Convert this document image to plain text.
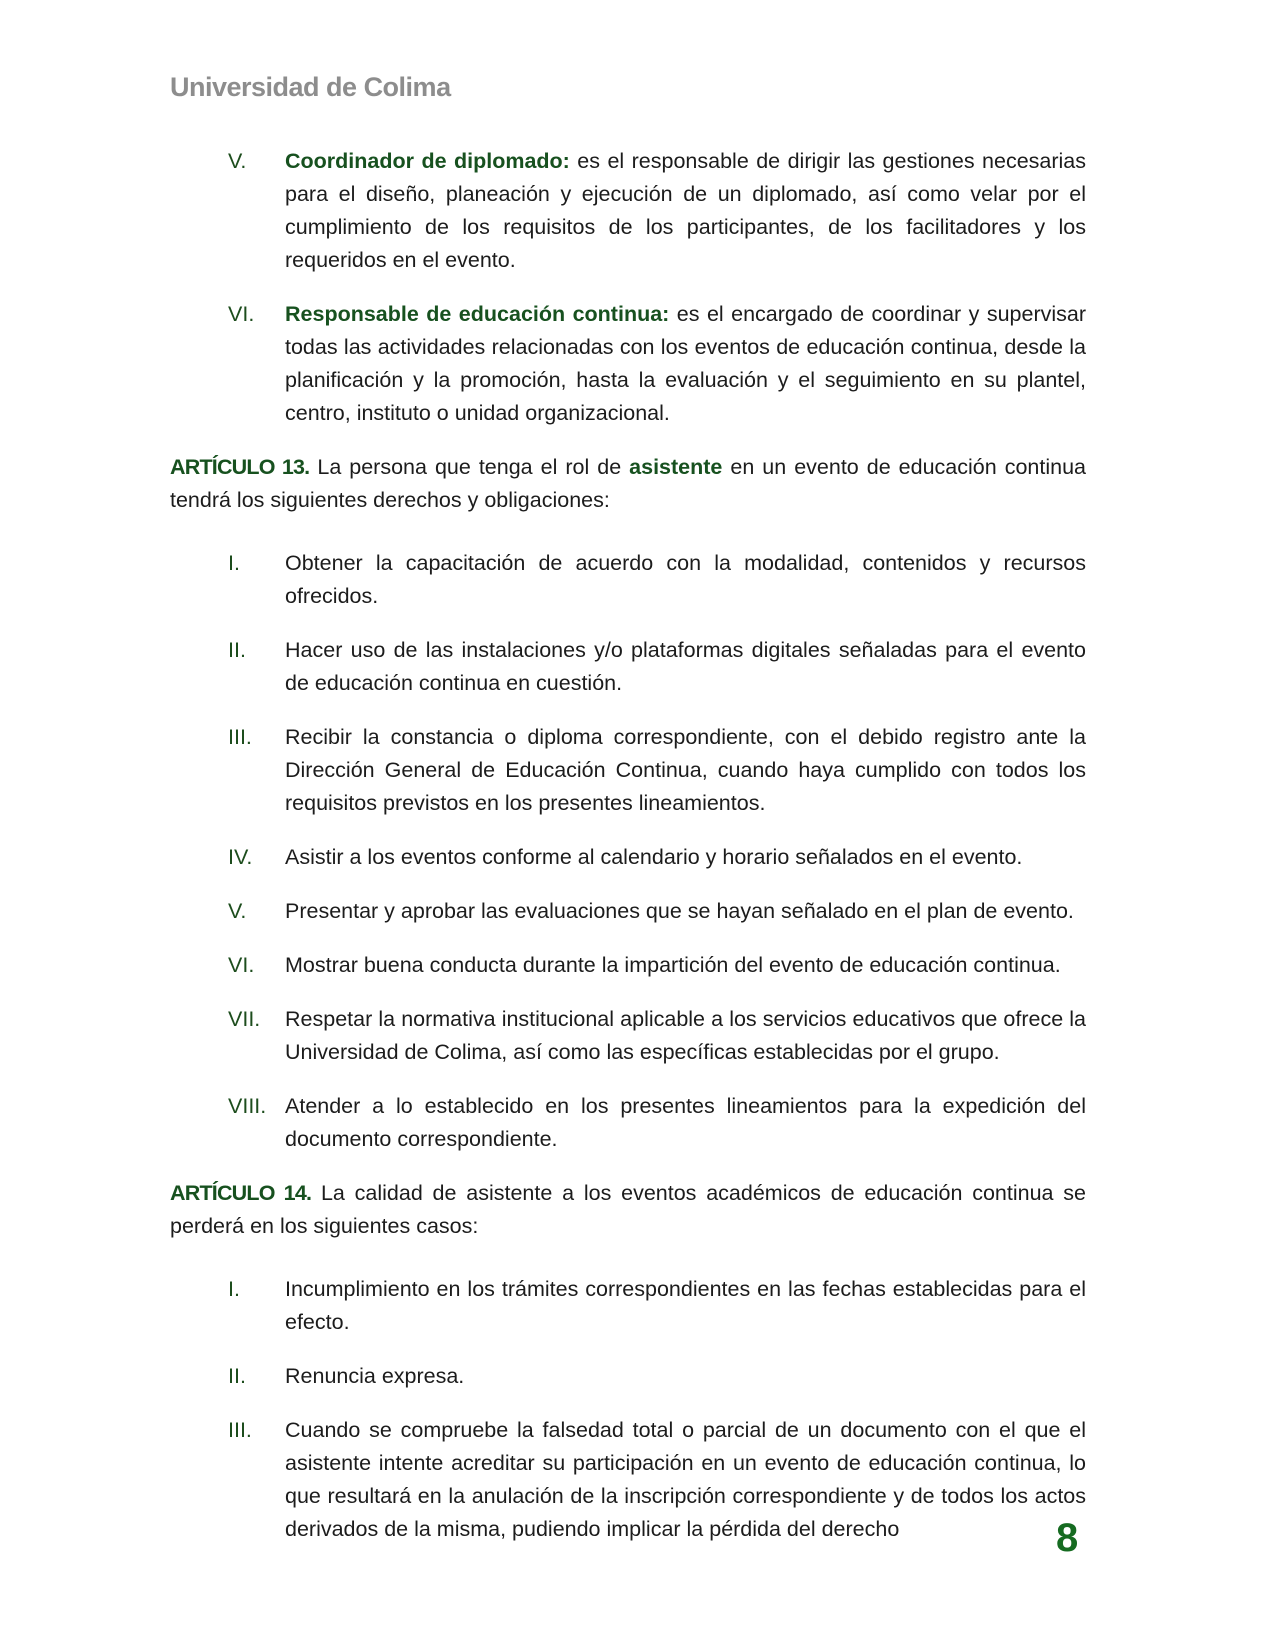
Universidad de Colima
V.	Coordinador de diplomado: es el responsable de dirigir las gestiones necesarias para el diseño, planeación y ejecución de un diplomado, así como velar por el cumplimiento de los requisitos de los participantes, de los facilitadores y los requeridos en el evento.
VI.	Responsable de educación continua: es el encargado de coordinar y supervisar todas las actividades relacionadas con los eventos de educación continua, desde la planificación y la promoción, hasta la evaluación y el seguimiento en su plantel, centro, instituto o unidad organizacional.

ARTÍCULO 13. La persona que tenga el rol de asistente en un evento de educación continua tendrá los siguientes derechos y obligaciones:

I.	Obtener la capacitación de acuerdo con la modalidad, contenidos y recursos ofrecidos.
II.	Hacer uso de las instalaciones y/o plataformas digitales señaladas para el evento de educación continua en cuestión.
III.	Recibir la constancia o diploma correspondiente, con el debido registro ante la Dirección General de Educación Continua, cuando haya cumplido con todos los requisitos previstos en los presentes lineamientos.
IV.	Asistir a los eventos conforme al calendario y horario señalados en el evento.
V.	Presentar y aprobar las evaluaciones que se hayan señalado en el plan de evento.
VI.	Mostrar buena conducta durante la impartición del evento de educación continua.
VII.	Respetar la normativa institucional aplicable a los servicios educativos que ofrece la Universidad de Colima, así como las específicas establecidas por el grupo.
VIII. Atender a lo establecido en los presentes lineamientos para la expedición del documento correspondiente.

ARTÍCULO 14. La calidad de asistente a los eventos académicos de educación continua se perderá en los siguientes casos:

I.	Incumplimiento en los trámites correspondientes en las fechas establecidas para el efecto.
II.	Renuncia expresa.
III.	Cuando se compruebe la falsedad total o parcial de un documento con el que el asistente intente acreditar su participación en un evento de educación continua, lo que resultará en la anulación de la inscripción correspondiente y de todos los actos derivados de la misma, pudiendo implicar la pérdida del derecho	8
